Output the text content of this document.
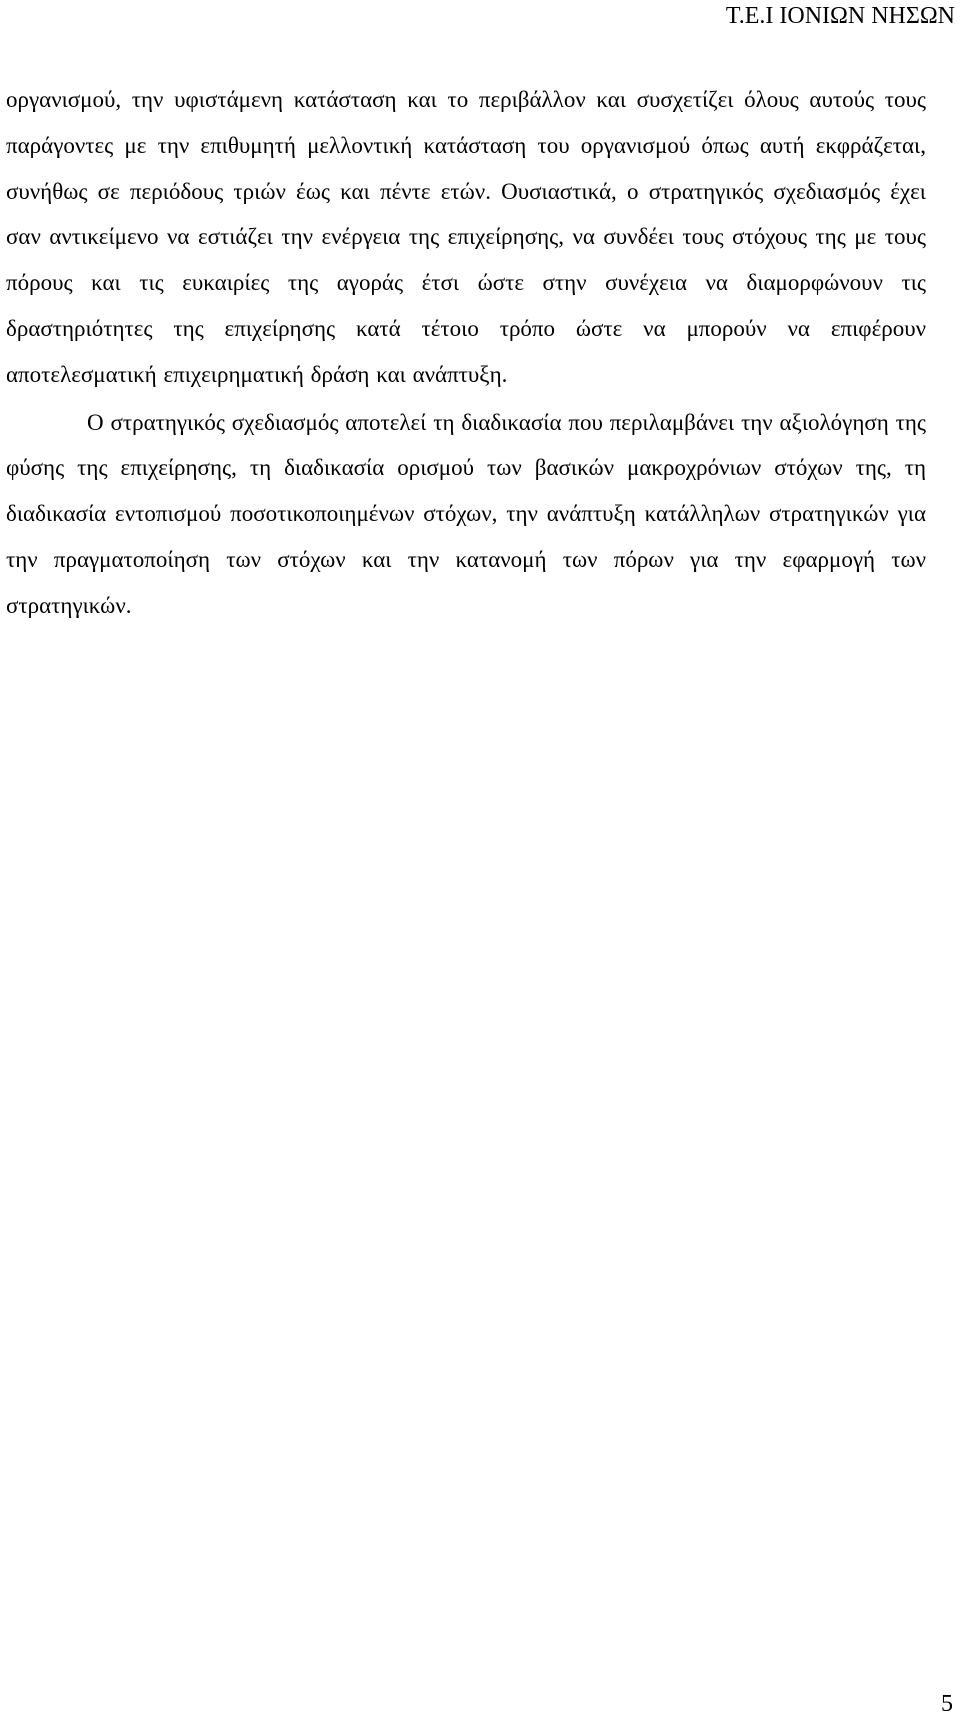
T.E.I ΙΟΝΙΩΝ ΝΗΣΩΝ

οργανισμού, την υφιστάμενη κατάσταση και το περιβάλλον και συσχετίζει όλους αυτούς τους παράγοντες με την επιθυμητή μελλοντική κατάσταση του οργανισμού όπως αυτή εκφράζεται, συνήθως σε περιόδους τριών έως και πέντε ετών. Ουσιαστικά, ο στρατηγικός σχεδιασμός έχει σαν αντικείμενο να εστιάζει την ενέργεια της επιχείρησης, να συνδέει τους στόχους της με τους πόρους και τις ευκαιρίες της αγοράς έτσι ώστε στην συνέχεια να διαμορφώνουν τις δραστηριότητες της επιχείρησης κατά τέτοιο τρόπο ώστε να μπορούν να επιφέρουν αποτελεσματική επιχειρηματική δράση και ανάπτυξη.

Ο στρατηγικός σχεδιασμός αποτελεί τη διαδικασία που περιλαμβάνει την αξιολόγηση της φύσης της επιχείρησης, τη διαδικασία ορισμού των βασικών μακροχρόνιων στόχων της, τη διαδικασία εντοπισμού ποσοτικοποιημένων στόχων, την ανάπτυξη κατάλληλων στρατηγικών για την πραγματοποίηση των στόχων και την κατανομή των πόρων για την εφαρμογή των στρατηγικών.

5
